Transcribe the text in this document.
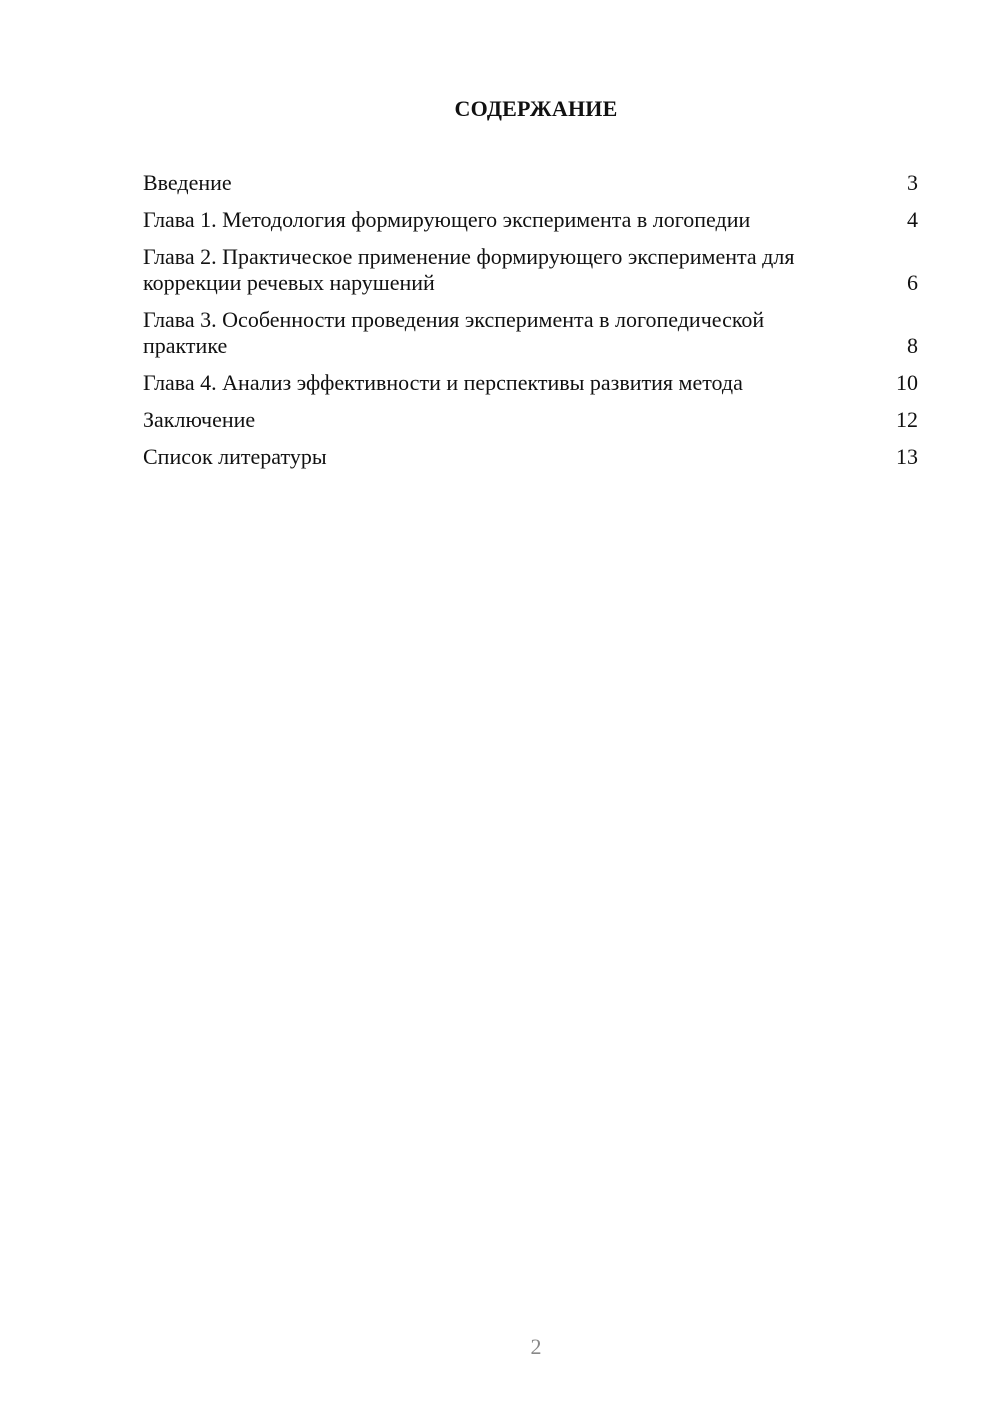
СОДЕРЖАНИЕ
Введение	3
Глава 1. Методология формирующего эксперимента в логопедии	4
Глава 2. Практическое применение формирующего эксперимента для коррекции речевых нарушений	6
Глава 3. Особенности проведения эксперимента в логопедической практике	8
Глава 4. Анализ эффективности и перспективы развития метода	10
Заключение	12
Список литературы	13
2
